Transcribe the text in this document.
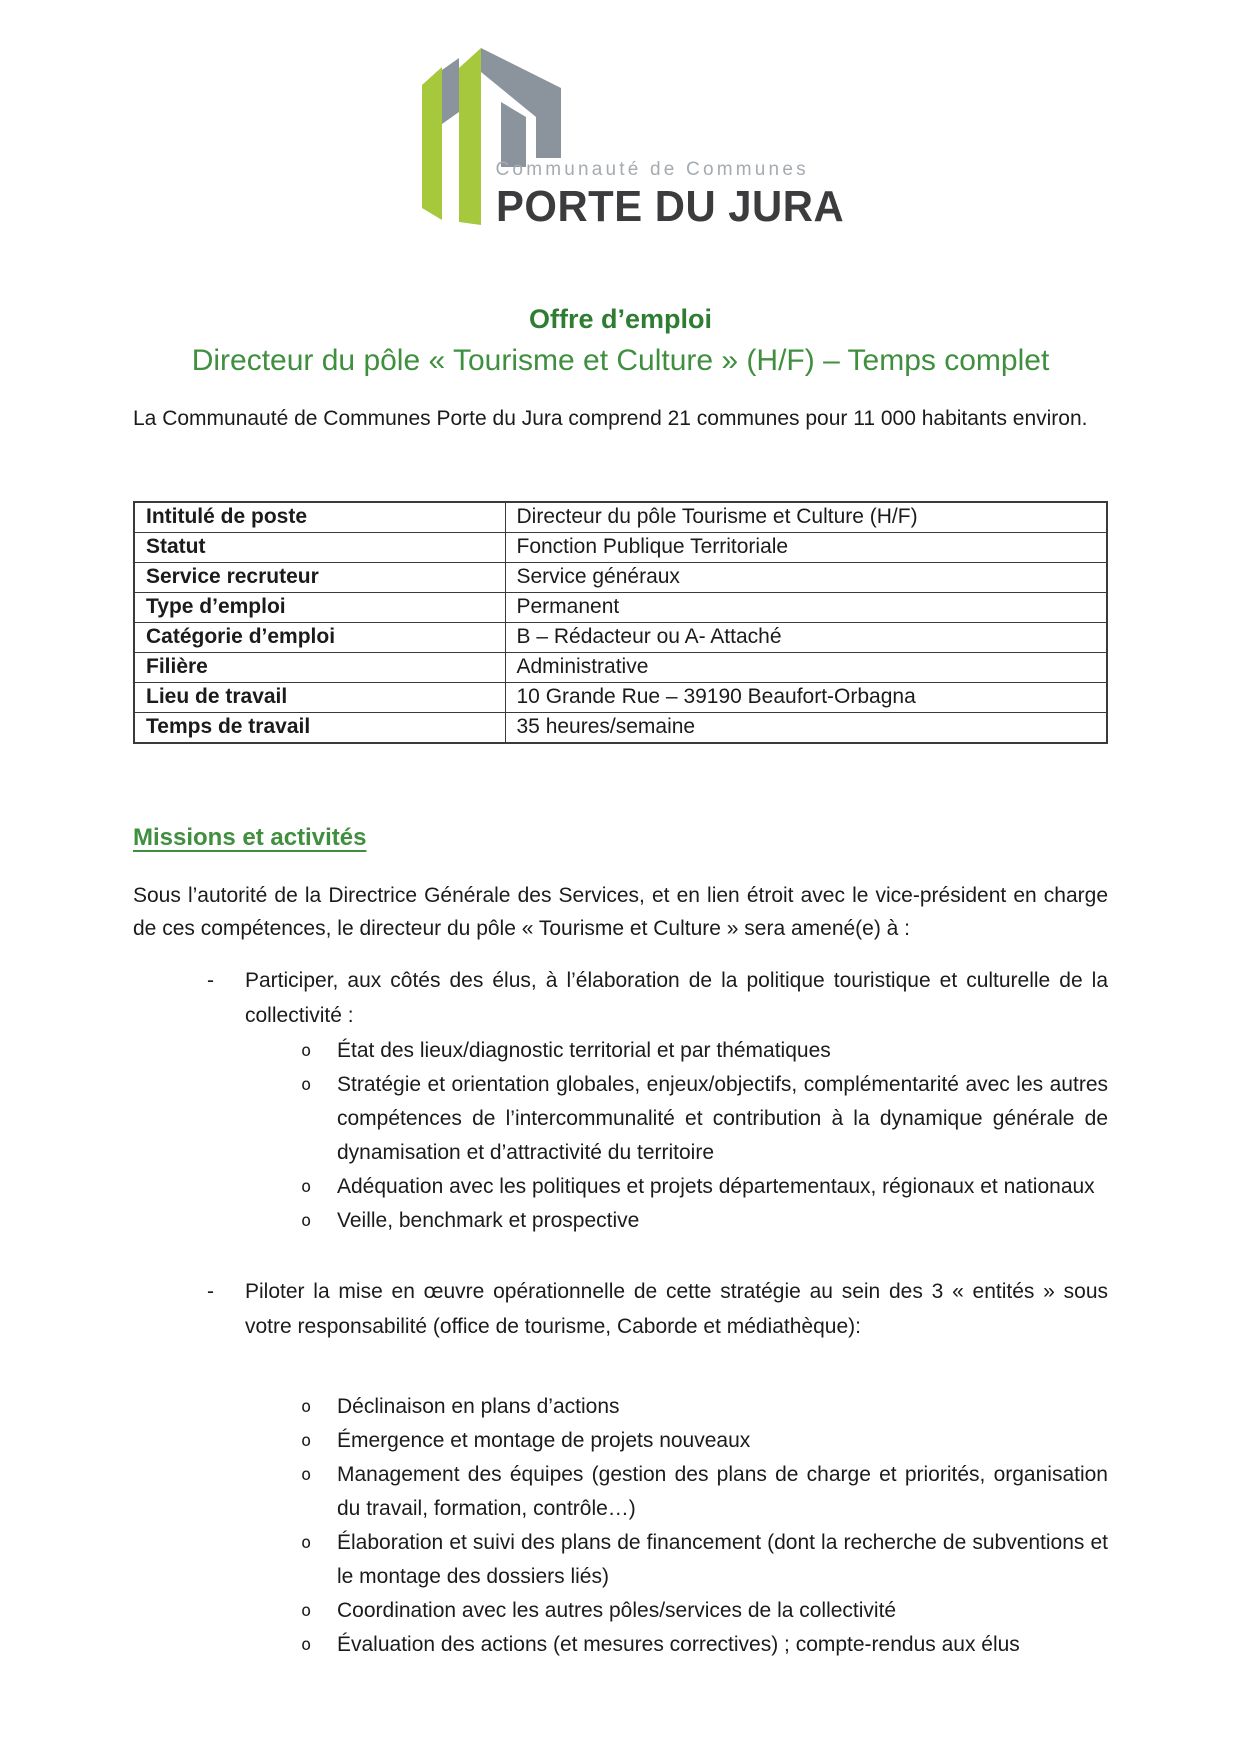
Communauté de Communes
PORTE DU JURA
Offre d’emploi
Directeur du pôle « Tourisme et Culture » (H/F) – Temps complet

La Communauté de Communes Porte du Jura comprend 21 communes pour 11 000 habitants environ.

Intitulé de poste	Directeur du pôle Tourisme et Culture (H/F)
Statut	Fonction Publique Territoriale
Service recruteur	Service généraux
Type d’emploi	Permanent
Catégorie d’emploi	B – Rédacteur ou A- Attaché
Filière	Administrative
Lieu de travail	10 Grande Rue – 39190 Beaufort-Orbagna
Temps de travail	35 heures/semaine
Missions et activités

Sous l’autorité de la Directrice Générale des Services, et en lien étroit avec le vice-président en charge de ces compétences, le directeur du pôle « Tourisme et Culture » sera amené(e) à :

- Participer, aux côtés des élus, à l’élaboration de la politique touristique et culturelle de la collectivité :
o État des lieux/diagnostic territorial et par thématiques
o Stratégie et orientation globales, enjeux/objectifs, complémentarité avec les autres compétences de l’intercommunalité et contribution à la dynamique générale de dynamisation et d’attractivité du territoire
o Adéquation avec les politiques et projets départementaux, régionaux et nationaux
o Veille, benchmark et prospective
- Piloter la mise en œuvre opérationnelle de cette stratégie au sein des 3 « entités » sous votre responsabilité (office de tourisme, Caborde et médiathèque):
o Déclinaison en plans d’actions
o Émergence et montage de projets nouveaux
o Management des équipes (gestion des plans de charge et priorités, organisation du travail, formation, contrôle…)
o Élaboration et suivi des plans de financement (dont la recherche de subventions et le montage des dossiers liés)
o Coordination avec les autres pôles/services de la collectivité
o Évaluation des actions (et mesures correctives) ; compte-rendus aux élus
